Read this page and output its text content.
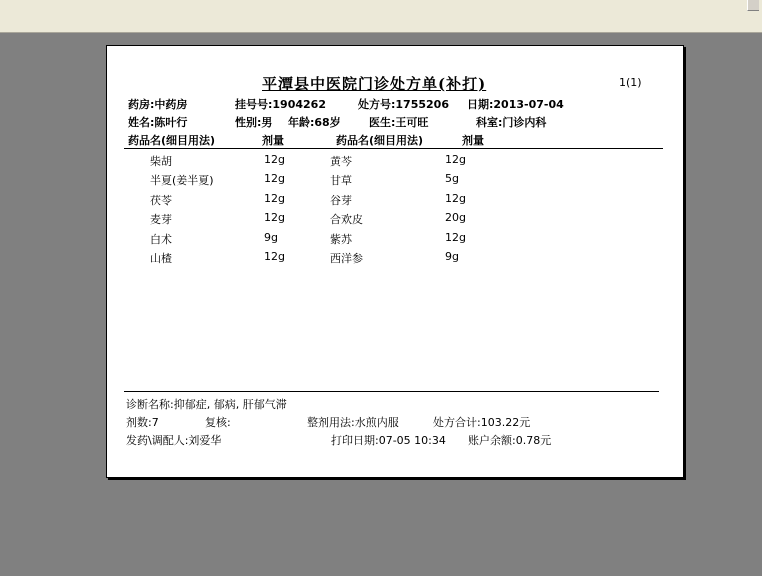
平潭县中医院门诊处方单(补打)	1(1)
药房:中药房	挂号号:1904262	处方号:1755206 日期:2013-07-04
姓名:陈叶行	性别:男 年龄:68岁	医生:王可旺	科室:门诊内科
药品名(细目用法)	剂量	药品名(细目用法)	剂量
柴胡	12g	黄芩	12g
半夏(姜半夏)	12g	甘草	5g
茯苓	12g	谷芽	12g
麦芽	12g	合欢皮	20g
白术	9g	紫苏	12g
山楂	12g	西洋参	9g
诊断名称:抑郁症, 郁病, 肝郁气滞
剂数:7	复核:	整剂用法:水煎内服	处方合计:103.22元
发药\调配人:刘爱华	打印日期:07-05 10:34 账户余额:0.78元
